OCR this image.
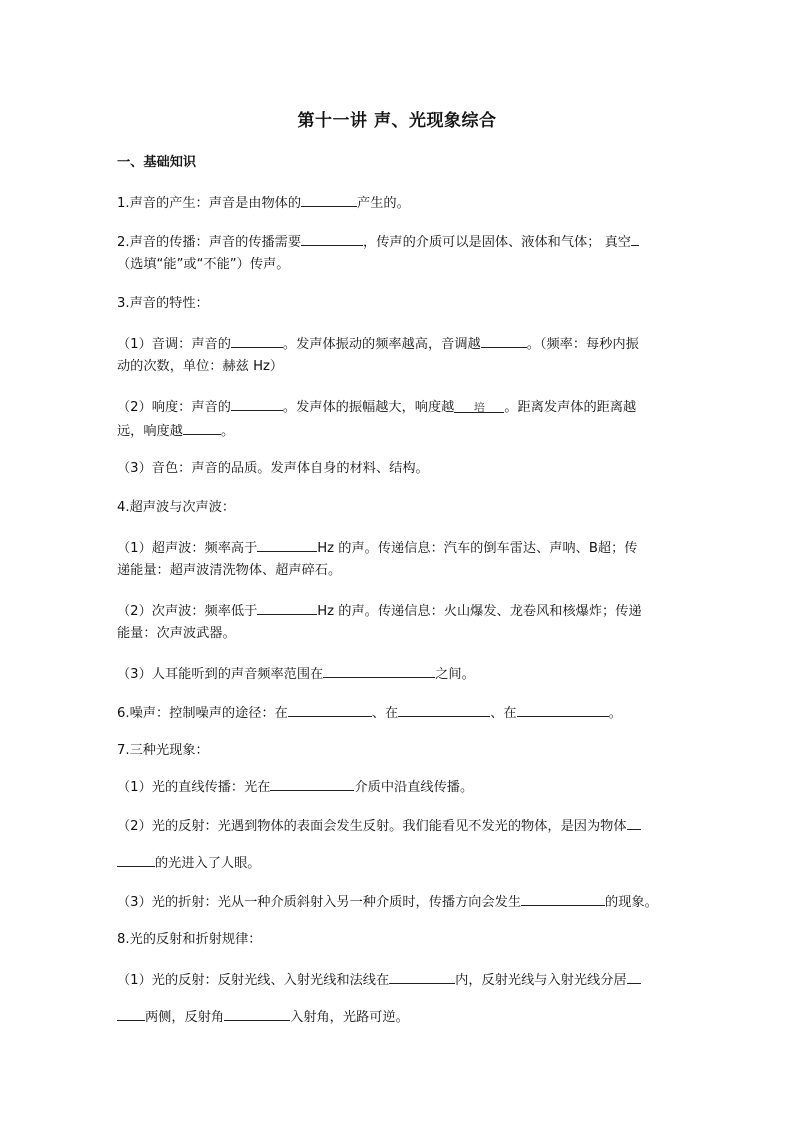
第十一讲 声、光现象综合
一、基础知识
1.声音的产生：声音是由物体的	产生的。
2.声音的传播：声音的传播需要	，传声的介质可以是固体、液体和气体； 真空
（选填“能”或“不能”）传声。
3.声音的特性：
（1）音调：声音的	。发声体振动的频率越高，音调越	。（频率：每秒内振
动的次数，单位：赫兹 Hz）
（2）响度：声音的	。发声体的振幅越大，响度越 培 。距离发声体的距离越
远，响度越	。
（3）音色：声音的品质。发声体自身的材料、结构。
4.超声波与次声波：
（1）超声波：频率高于	Hz 的声。传递信息：汽车的倒车雷达、声呐、B超；传
递能量：超声波清洗物体、超声碎石。
（2）次声波：频率低于	Hz 的声。传递信息：火山爆发、龙卷风和核爆炸；传递
能量：次声波武器。
（3）人耳能听到的声音频率范围在	之间。
6.噪声：控制噪声的途径：在	、在	、在	。
7.三种光现象：
（1）光的直线传播：光在	介质中沿直线传播。
（2）光的反射：光遇到物体的表面会发生反射。我们能看见不发光的物体，是因为物体
的光进入了人眼。
（3）光的折射：光从一种介质斜射入另一种介质时，传播方向会发生	的现象。
8.光的反射和折射规律：
（1）光的反射：反射光线、入射光线和法线在	内，反射光线与入射光线分居
两侧，反射角	入射角，光路可逆。
